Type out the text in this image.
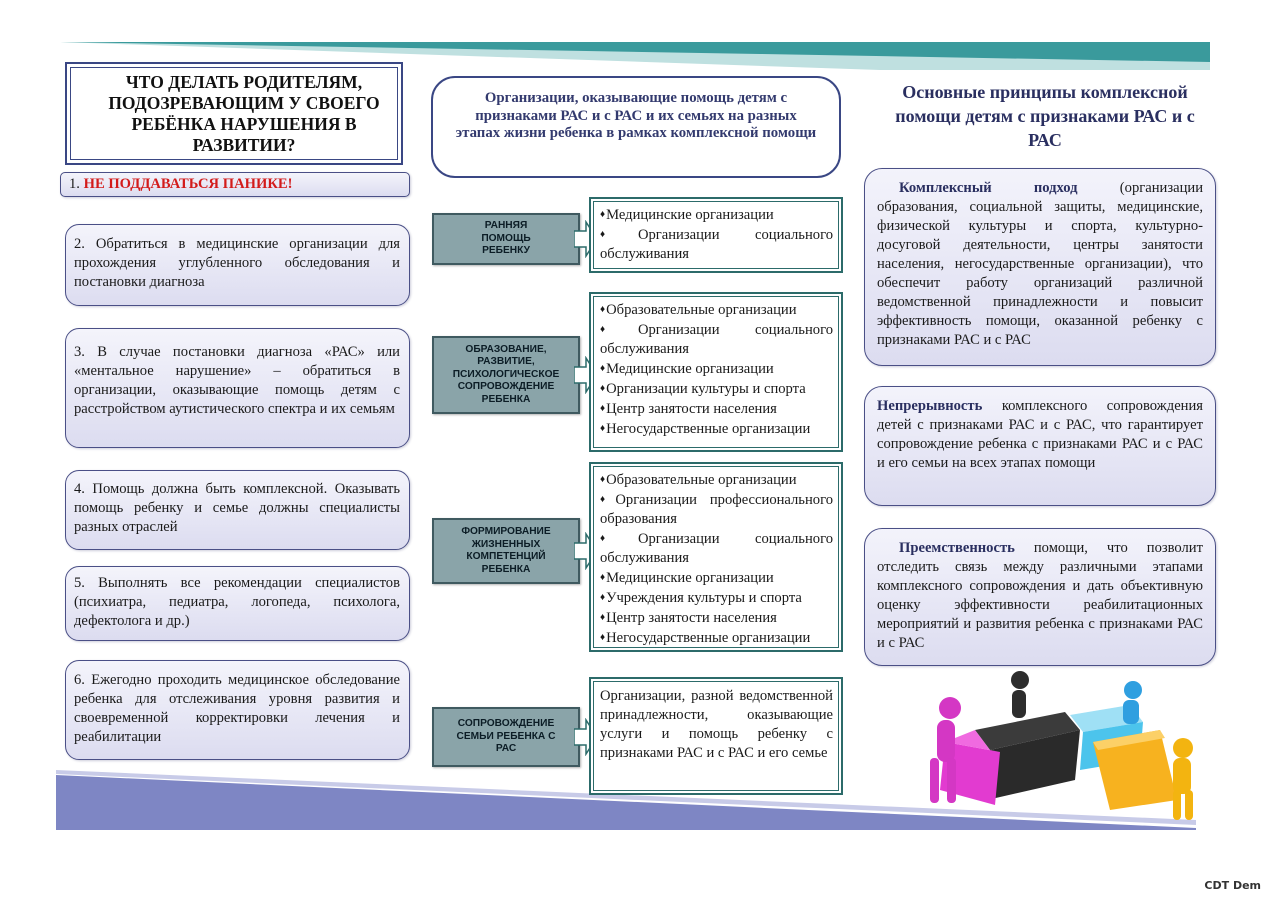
ЧТО ДЕЛАТЬ РОДИТЕЛЯМ, ПОДОЗРЕВАЮЩИМ У СВОЕГО РЕБЁНКА НАРУШЕНИЯ В РАЗВИТИИ?
1. НЕ ПОДДАВАТЬСЯ ПАНИКЕ!
2. Обратиться в медицинские организации для прохождения углубленного обследования и постановки диагноза
3. В случае постановки диагноза «РАС» или «ментальное нарушение» – обратиться в организации, оказывающие помощь детям с расстройством аутистического спектра и их семьям
4. Помощь должна быть комплексной. Оказывать помощь ребенку и семье должны специалисты разных отраслей
5. Выполнять все рекомендации специалистов (психиатра, педиатра, логопеда, психолога, дефектолога и др.)
6. Ежегодно проходить медицинское обследование ребенка для отслеживания уровня развития и своевременной корректировки лечения и реабилитации
Организации, оказывающие помощь детям с признаками РАС и с РАС и их семьях на разных этапах жизни ребенка в рамках комплексной помощи
РАННЯЯ ПОМОЩЬ РЕБЕНКУ
♦ Медицинские организации
♦ Организации социального обслуживания
ОБРАЗОВАНИЕ, РАЗВИТИЕ, ПСИХОЛОГИЧЕСКОЕ СОПРОВОЖДЕНИЕ РЕБЕНКА
♦ Образовательные организации
♦ Организации социального обслуживания
♦ Медицинские организации
♦ Организации культуры и спорта
♦ Центр занятости населения
♦ Негосударственные организации
ФОРМИРОВАНИЕ ЖИЗНЕННЫХ КОМПЕТЕНЦИЙ РЕБЕНКА
♦ Образовательные организации
♦ Организации профессионального образования
♦ Организации социального обслуживания
♦ Медицинские организации
♦ Учреждения культуры и спорта
♦ Центр занятости населения
♦ Негосударственные организации
СОПРОВОЖДЕНИЕ СЕМЬИ РЕБЕНКА С РАС

Организации, разной ведомственной принадлежности, оказывающие услуги и помощь ребенку с признаками РАС и с РАС и его семье

Основные принципы комплексной помощи детям с признаками РАС и с РАС
Комплексный подход (организации образования, социальной защиты, медицинские, физической культуры и спорта, культурно-досуговой деятельности, центры занятости населения, негосударственные организации), что обеспечит работу организаций различной ведомственной принадлежности и повысит эффективность помощи, оказанной ребенку с признаками РАС и с РАС
Непрерывность комплексного сопровождения детей с признаками РАС и с РАС, что гарантирует сопровождение ребенка с признаками РАС и с РАС и его семьи на всех этапах помощи
Преемственность помощи, что позволит отследить связь между различными этапами комплексного сопровождения и дать объективную оценку эффективности реабилитационных мероприятий и развития ребенка с признаками РАС и с РАС
CDT Dem
